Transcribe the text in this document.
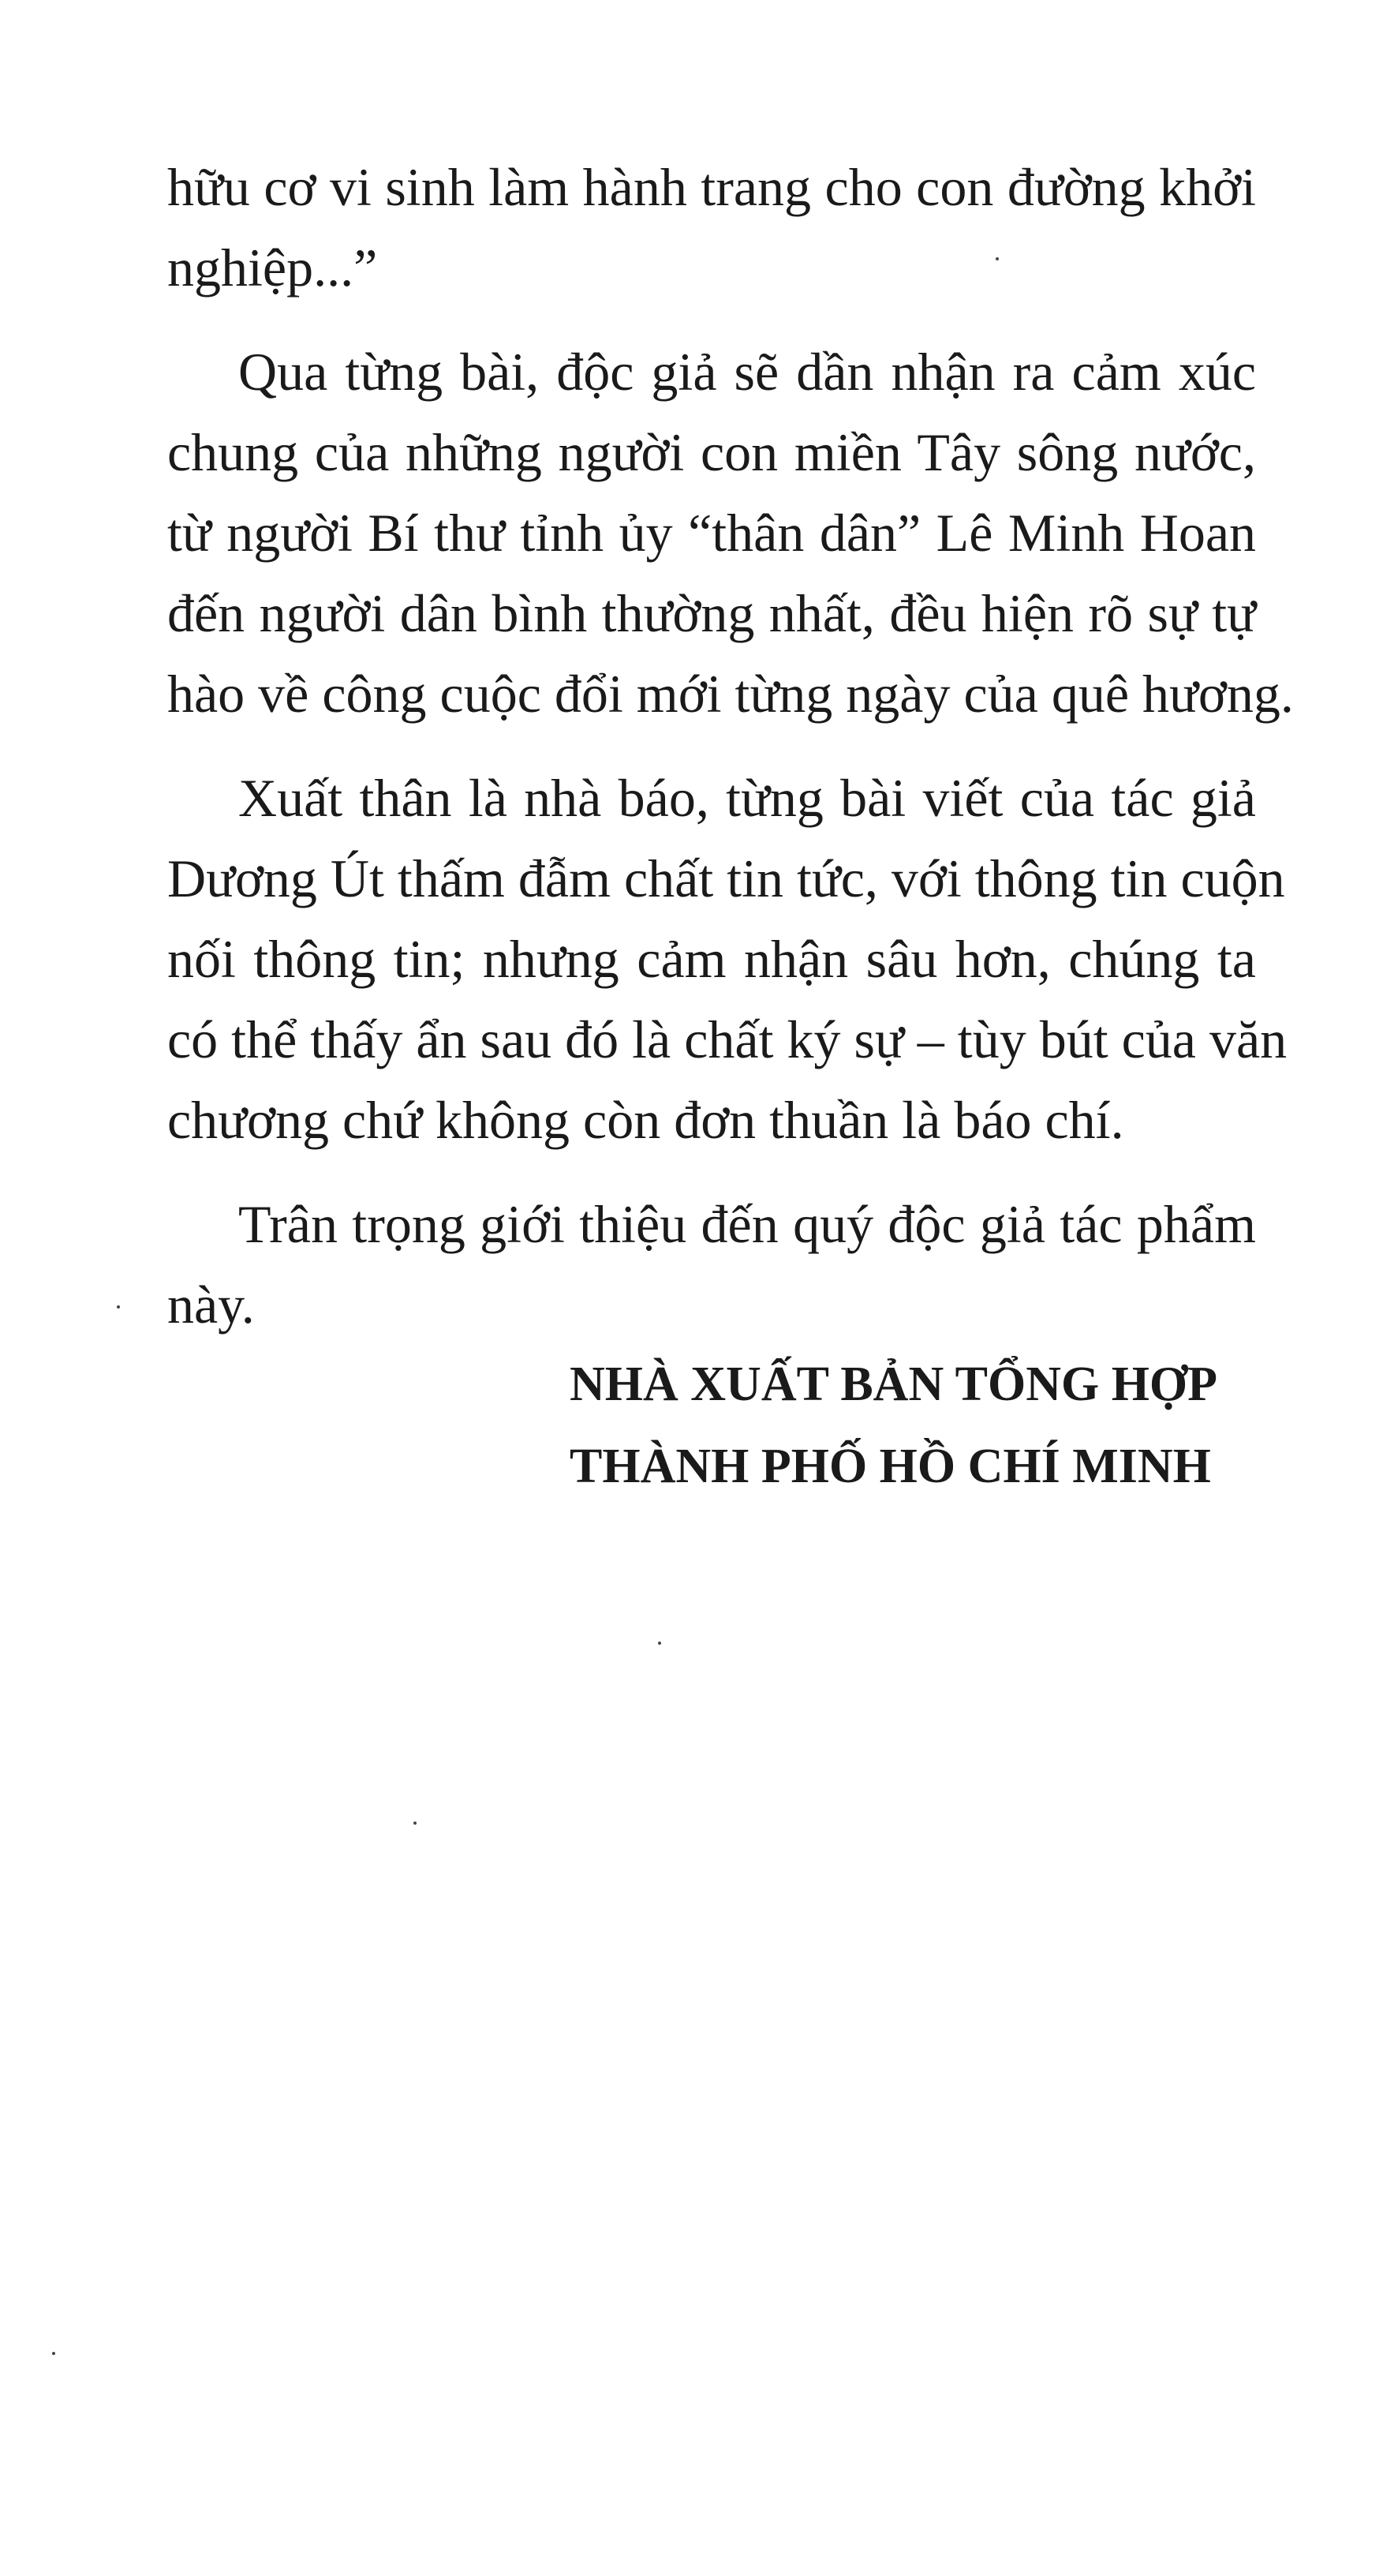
hữu cơ vi sinh làm hành trang cho con đường khởi
nghiệp...”
Qua từng bài, độc giả sẽ dần nhận ra cảm xúc
chung của những người con miền Tây sông nước,
từ người Bí thư tỉnh ủy “thân dân” Lê Minh Hoan
đến người dân bình thường nhất, đều hiện rõ sự tự
hào về công cuộc đổi mới từng ngày của quê hương.
Xuất thân là nhà báo, từng bài viết của tác giả
Dương Út thấm đẫm chất tin tức, với thông tin cuộn
nối thông tin; nhưng cảm nhận sâu hơn, chúng ta
có thể thấy ẩn sau đó là chất ký sự – tùy bút của văn
chương chứ không còn đơn thuần là báo chí.
Trân trọng giới thiệu đến quý độc giả tác phẩm
này.
NHÀ XUẤT BẢN TỔNG HỢP
THÀNH PHỐ HỒ CHÍ MINH
